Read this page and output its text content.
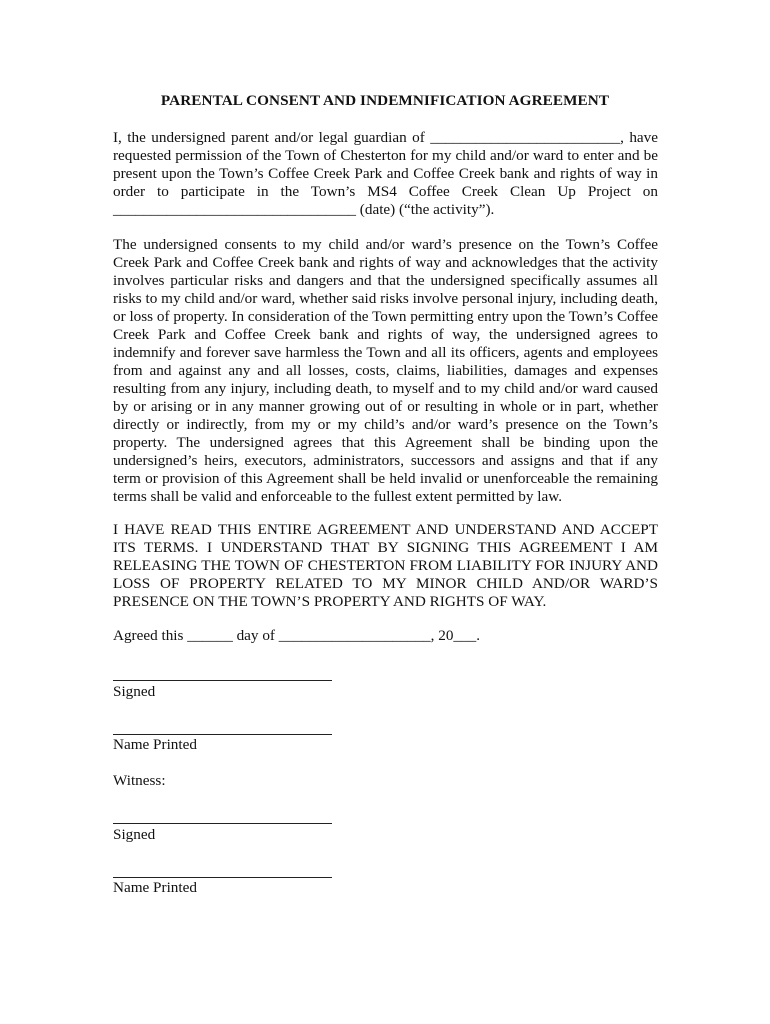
PARENTAL CONSENT AND INDEMNIFICATION AGREEMENT

I, the undersigned parent and/or legal guardian of _________________________, have requested permission of the Town of Chesterton for my child and/or ward to enter and be present upon the Town’s Coffee Creek Park and Coffee Creek bank and rights of way in order to participate in the Town’s MS4 Coffee Creek Clean Up Project on ________________________________ (date) (“the activity”).

The undersigned consents to my child and/or ward’s presence on the Town’s Coffee Creek Park and Coffee Creek bank and rights of way and acknowledges that the activity involves particular risks and dangers and that the undersigned specifically assumes all risks to my child and/or ward, whether said risks involve personal injury, including death, or loss of property. In consideration of the Town permitting entry upon the Town’s Coffee Creek Park and Coffee Creek bank and rights of way, the undersigned agrees to indemnify and forever save harmless the Town and all its officers, agents and employees from and against any and all losses, costs, claims, liabilities, damages and expenses resulting from any injury, including death, to myself and to my child and/or ward caused by or arising or in any manner growing out of or resulting in whole or in part, whether directly or indirectly, from my or my child’s and/or ward’s presence on the Town’s property. The undersigned agrees that this Agreement shall be binding upon the undersigned’s heirs, executors, administrators, successors and assigns and that if any term or provision of this Agreement shall be held invalid or unenforceable the remaining terms shall be valid and enforceable to the fullest extent permitted by law.

I HAVE READ THIS ENTIRE AGREEMENT AND UNDERSTAND AND ACCEPT ITS TERMS. I UNDERSTAND THAT BY SIGNING THIS AGREEMENT I AM RELEASING THE TOWN OF CHESTERTON FROM LIABILITY FOR INJURY AND LOSS OF PROPERTY RELATED TO MY MINOR CHILD AND/OR WARD’S PRESENCE ON THE TOWN’S PROPERTY AND RIGHTS OF WAY.

Agreed this ______ day of ____________________, 20___.
Signed
Name Printed
Witness:
Signed
Name Printed
